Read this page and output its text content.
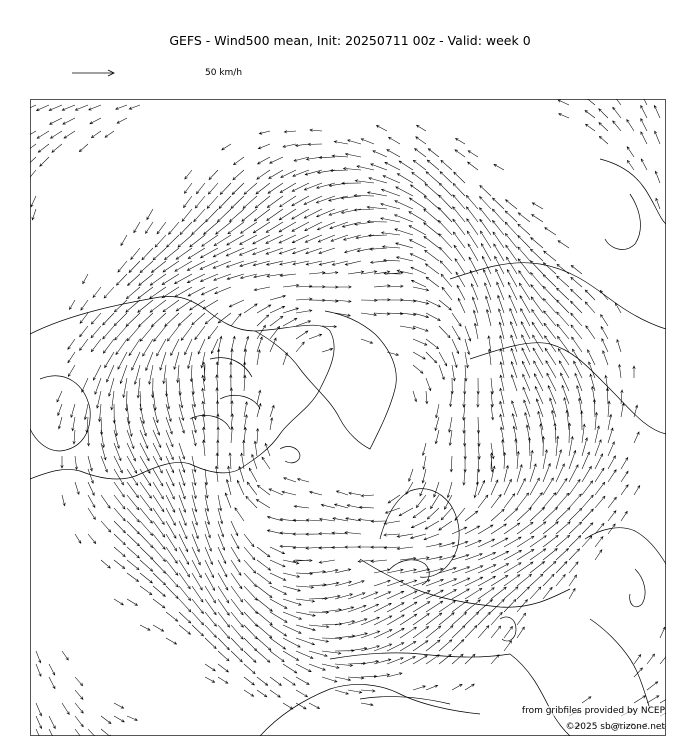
GEFS - Wind500 mean, Init: 20250711 00z - Valid: week 0
50 km/h
from gribfiles provided by NCEP
©2025 sb@rizone.net
